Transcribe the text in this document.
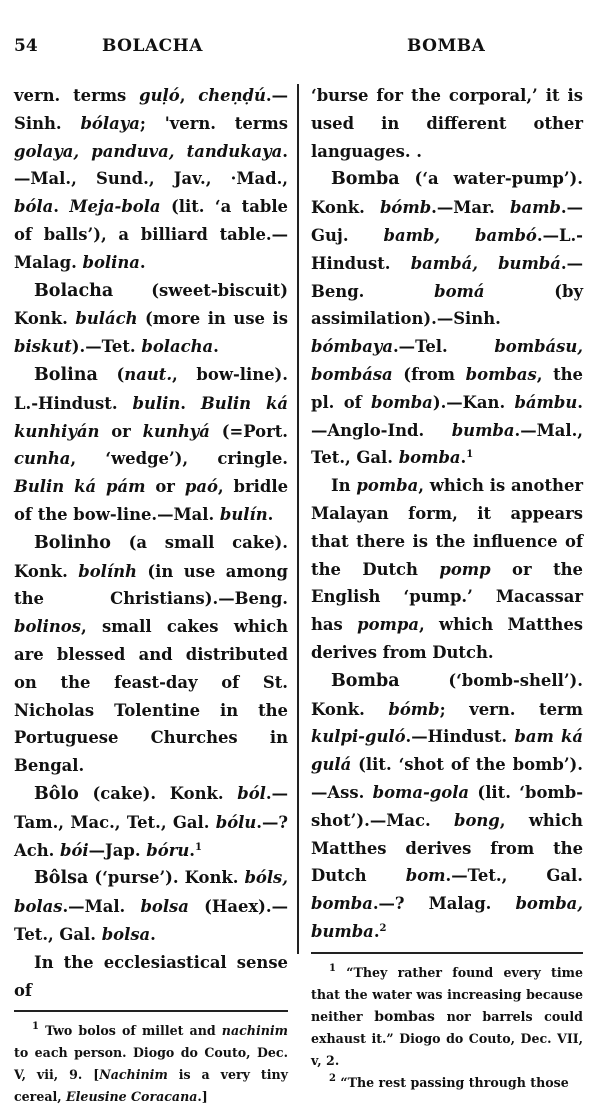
54	BOLACHA	BOMBA

vern. terms guḷó, cheṇḍú.—Sinh. bólaya; 'vern. terms golaya, panduva, tandukaya.—Mal., Sund., Jav., ·Mad., bóla. Meja-bola (lit. ‘a table of balls’), a billiard table.—Malag. bolina.

Bolacha (sweet-biscuit) Konk. bulách (more in use is biskut).—Tet. bolacha.

Bolina (naut., bow-line). L.-Hindust. bulin. Bulin ká kunhiyán or kunhyá (=Port. cunha, ‘wedge’), cringle. Bulin ká pám or paó, bridle of the bow-line.—Mal. bulín.

Bolinho (a small cake). Konk. bolính (in use among the Christians).—Beng. bolinos, small cakes which are blessed and distributed on the feast-day of St. Nicholas Tolentine in the Portuguese Churches in Bengal.

Bôlo (cake). Konk. ból.—Tam., Mac., Tet., Gal. bólu.—? Ach. bói—Jap. bóru.$^1$

Bôlsa (‘purse’). Konk. bóls, bolas.—Mal. bolsa (Haex).—Tet., Gal. bolsa.

In the ecclesiastical sense of

$^1$ Two bolos of millet and nachinim to each person. Diogo do Couto, Dec. V, vii, 9. [Nachinim is a very tiny cereal, Eleusine Coracana.]

‘burse for the corporal,’ it is used in different other languages. .

Bomba (‘a water-pump’). Konk. bómb.—Mar. bamb.—Guj. bamb, bambó.—L.-Hindust. bambá, bumbá.—Beng. bomá (by assimilation).—Sinh. bómbaya.—Tel. bombásu, bombása (from bombas, the pl. of bomba).—Kan. bámbu.—Anglo-Ind. bumba.—Mal., Tet., Gal. bomba.$^1$

In pomba, which is another Malayan form, it appears that there is the influence of the Dutch pomp or the English ‘pump.’ Macassar has pompa, which Matthes derives from Dutch.

Bomba (‘bomb-shell’). Konk. bómb; vern. term kulpi-guló.—Hindust. bam ká gulá (lit. ‘shot of the bomb’).—Ass. boma-gola (lit. ‘bomb-shot’).—Mac. bong, which Matthes derives from the Dutch bom.—Tet., Gal. bomba.—? Malag. bomba, bumba.$^2$

$^1$ “They rather found every time that the water was increasing because neither bombas nor barrels could exhaust it.” Diogo do Couto, Dec. VII, v, 2.

$^2$ “The rest passing through those
